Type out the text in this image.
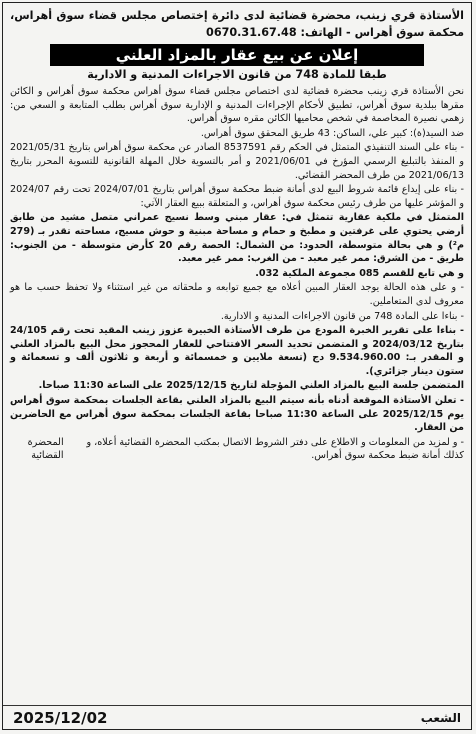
الأستاذة قري زينب، محضرة قضائية لدى دائرة إختصاص مجلس قضاء سوق أهراس، محكمة سوق أهراس - الهاتف: 0670.31.67.48

إعلان عن بيع عقار بالمزاد العلني
طبقا للمادة 748 من قانون الاجراءات المدنية و الادارية

نحن الأستاذة قري زينب محضرة قضائية لدى اختصاص مجلس قضاء سوق أهراس محكمة سوق أهراس و الكائن مقرها ببلدية سوق أهراس، تطبيق لأحكام الإجراءات المدنية و الإدارية سوق أهراس بطلب المتابعة و السعي من: زهمي نصيرة المخاصمة في شخص محاميها الكائن مقره سوق أهراس.

ضد السيد(ة): كبير علي، الساكن: 43 طريق المحقق سوق أهراس.

- بناء على السند التنفيذي المتمثل في الحكم رقم 8537591 الصادر عن محكمة سوق أهراس بتاريخ 2021/05/31 و المنفذ بالتبليغ الرسمي المؤرخ في 2021/06/01 و أمر بالتسوية خلال المهلة القانونية للتسوية المحرر بتاريخ 2021/06/13 من طرف المحضر القضائي.

- بناء على إيداع قائمة شروط البيع لدى أمانة ضبط محكمة سوق أهراس بتاريخ 2024/07/01 تحت رقم 2024/07 و المؤشر عليها من طرف رئيس محكمة سوق أهراس، و المتعلقة ببيع العقار الآتي:

المتمثل في ملكية عقارية تتمثل في: عقار مبني وسط نسيج عمراني متصل مشيد من طابق أرضي يحتوي على غرفتين و مطبخ و حمام و مساحة مبنية و حوش مسيج، مساحته تقدر بـ (279 م²) و هي بحالة متوسطة، الحدود: من الشمال: الحصة رقم 20 كأرض متوسطة - من الجنوب: طريق - من الشرق: ممر غير معبد - من الغرب: ممر غير معبد.

و هي تابع للقسم 085 مجموعة الملكية 032.

- و على هذه الحالة يوجد العقار المبين أعلاه مع جميع توابعه و ملحقاته من غير استثناء ولا تحفظ حسب ما هو معروف لدى المتعاملين.

- بناءا على المادة 748 من قانون الاجراءات المدنية و الادارية.

- بناءا على تقرير الخبرة المودع من طرف الأستاذة الخبيرة عزوز زينب المقيد تحت رقم 24/105 بتاريخ 2024/03/12 و المتضمن تحديد السعر الافتتاحي للعقار المحجوز محل البيع بالمزاد العلني و المقدر بـ: 9.534.960.00 دج (تسعة ملايين و خمسمائة و أربعة و ثلاثون ألف و تسعمائة و ستون دينار جزائري).

المتضمن جلسة البيع بالمزاد العلني المؤجلة لتاريخ 2025/12/15 على الساعة 11:30 صباحا.

- تعلن الأستاذة الموقعة أدناه بأنه سيتم البيع بالمزاد العلني بقاعة الجلسات بمحكمة سوق أهراس يوم 2025/12/15 على الساعة 11:30 صباحا بقاعة الجلسات بمحكمة سوق أهراس مع الحاضرين من العقار.

- و لمزيد من المعلومات و الاطلاع على دفتر الشروط الاتصال بمكتب المحضرة القضائية أعلاه، و كذلك أمانة ضبط محكمة سوق أهراس.
المحضرة القضائية
الشعب
2025/12/02
